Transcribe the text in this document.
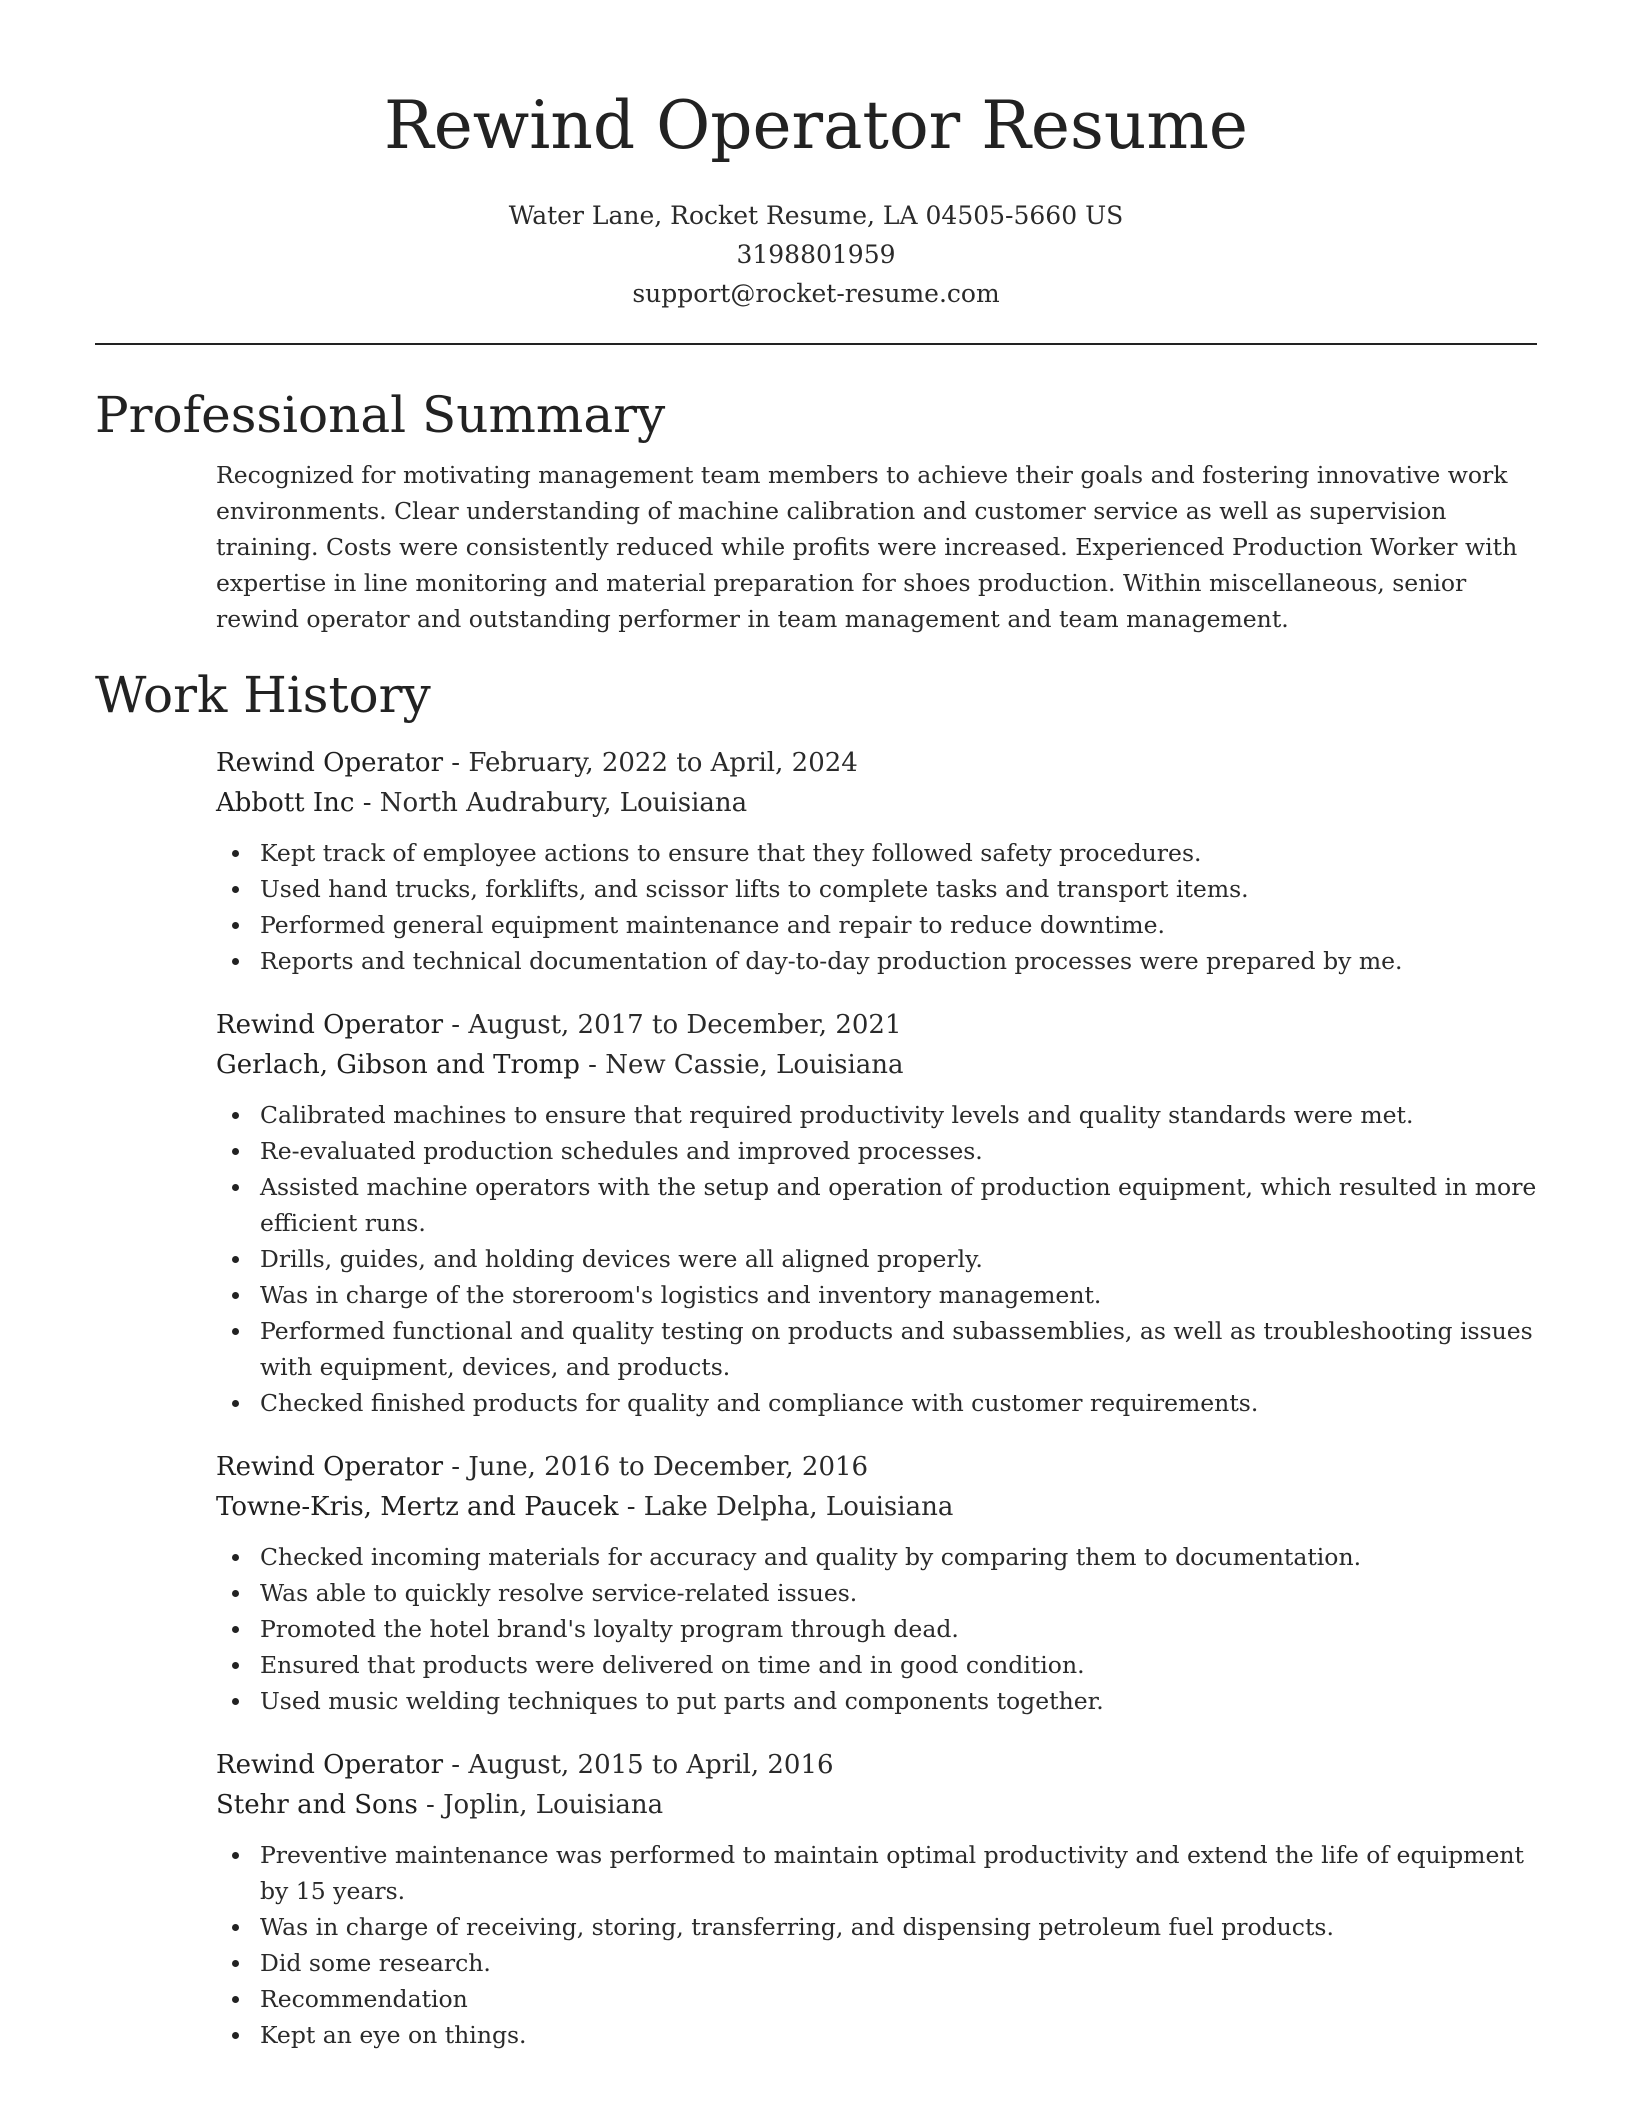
Rewind Operator Resume
Water Lane, Rocket Resume, LA 04505-5660 US
3198801959
support@rocket-resume.com
Professional Summary

Recognized for motivating management team members to achieve their goals and fostering innovative work environments. Clear understanding of machine calibration and customer service as well as supervision training. Costs were consistently reduced while profits were increased. Experienced Production Worker with expertise in line monitoring and material preparation for shoes production. Within miscellaneous, senior rewind operator and outstanding performer in team management and team management.

Work History
Rewind Operator - February, 2022 to April, 2024
Abbott Inc - North Audrabury, Louisiana
Kept track of employee actions to ensure that they followed safety procedures.
Used hand trucks, forklifts, and scissor lifts to complete tasks and transport items.
Performed general equipment maintenance and repair to reduce downtime.
Reports and technical documentation of day-to-day production processes were prepared by me.
Rewind Operator - August, 2017 to December, 2021
Gerlach, Gibson and Tromp - New Cassie, Louisiana
Calibrated machines to ensure that required productivity levels and quality standards were met.
Re-evaluated production schedules and improved processes.
Assisted machine operators with the setup and operation of production equipment, which resulted in more efficient runs.
Drills, guides, and holding devices were all aligned properly.
Was in charge of the storeroom's logistics and inventory management.
Performed functional and quality testing on products and subassemblies, as well as troubleshooting issues with equipment, devices, and products.
Checked finished products for quality and compliance with customer requirements.
Rewind Operator - June, 2016 to December, 2016
Towne-Kris, Mertz and Paucek - Lake Delpha, Louisiana
Checked incoming materials for accuracy and quality by comparing them to documentation.
Was able to quickly resolve service-related issues.
Promoted the hotel brand's loyalty program through dead.
Ensured that products were delivered on time and in good condition.
Used music welding techniques to put parts and components together.
Rewind Operator - August, 2015 to April, 2016
Stehr and Sons - Joplin, Louisiana
Preventive maintenance was performed to maintain optimal productivity and extend the life of equipment by 15 years.
Was in charge of receiving, storing, transferring, and dispensing petroleum fuel products.
Did some research.
Recommendation
Kept an eye on things.
